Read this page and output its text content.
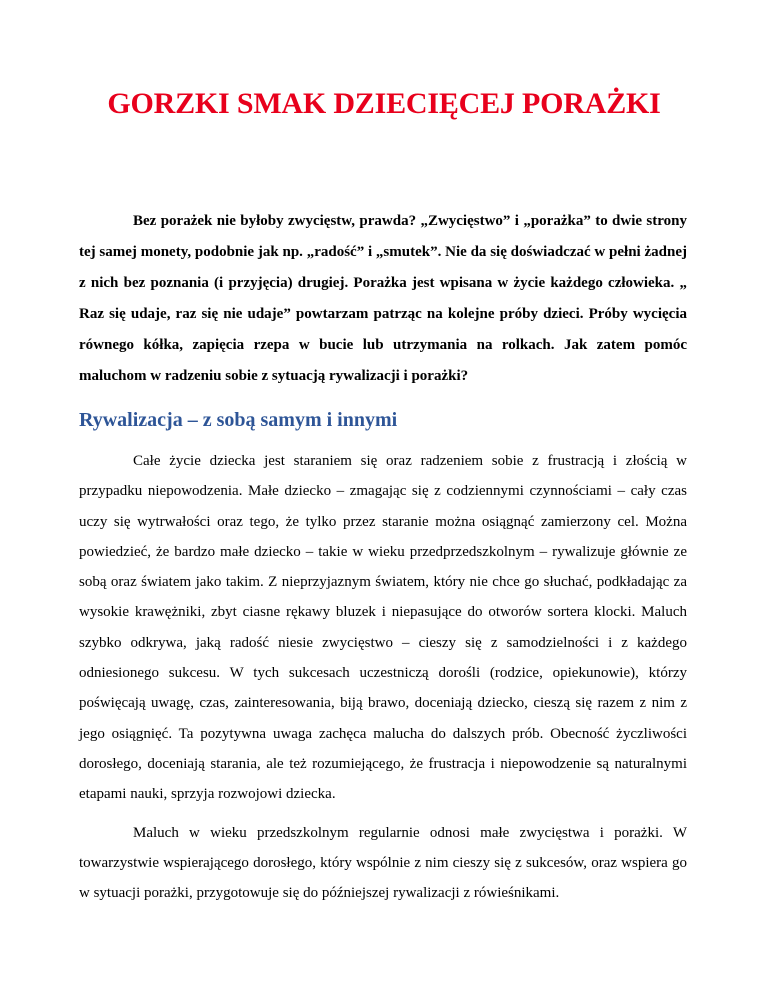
GORZKI SMAK DZIECIĘCEJ PORAŻKI

Bez porażek nie byłoby zwycięstw, prawda? „Zwycięstwo” i „porażka” to dwie strony tej samej monety, podobnie jak np. „radość” i „smutek”. Nie da się doświadczać w pełni żadnej z nich bez poznania (i przyjęcia) drugiej. Porażka jest wpisana w życie każdego człowieka. „ Raz się udaje, raz się nie udaje” powtarzam patrząc na kolejne próby dzieci. Próby wycięcia równego kółka, zapięcia rzepa w bucie lub utrzymania na rolkach. Jak zatem pomóc maluchom w radzeniu sobie z sytuacją rywalizacji i porażki?

Rywalizacja – z sobą samym i innymi

Całe życie dziecka jest staraniem się oraz radzeniem sobie z frustracją i złością w przypadku niepowodzenia. Małe dziecko – zmagając się z codziennymi czynnościami – cały czas uczy się wytrwałości oraz tego, że tylko przez staranie można osiągnąć zamierzony cel. Można powiedzieć, że bardzo małe dziecko – takie w wieku przedprzedszkolnym – rywalizuje głównie ze sobą oraz światem jako takim. Z nieprzyjaznym światem, który nie chce go słuchać, podkładając za wysokie krawężniki, zbyt ciasne rękawy bluzek i niepasujące do otworów sortera klocki. Maluch szybko odkrywa, jaką radość niesie zwycięstwo – cieszy się z samodzielności i z każdego odniesionego sukcesu. W tych sukcesach uczestniczą dorośli (rodzice, opiekunowie), którzy poświęcają uwagę, czas, zainteresowania, biją brawo, doceniają dziecko, cieszą się razem z nim z jego osiągnięć. Ta pozytywna uwaga zachęca malucha do dalszych prób. Obecność życzliwości dorosłego, doceniają starania, ale też rozumiejącego, że frustracja i niepowodzenie są naturalnymi etapami nauki, sprzyja rozwojowi dziecka.

Maluch w wieku przedszkolnym regularnie odnosi małe zwycięstwa i porażki. W towarzystwie wspierającego dorosłego, który wspólnie z nim cieszy się z sukcesów, oraz wspiera go w sytuacji porażki, przygotowuje się do późniejszej rywalizacji z rówieśnikami.
